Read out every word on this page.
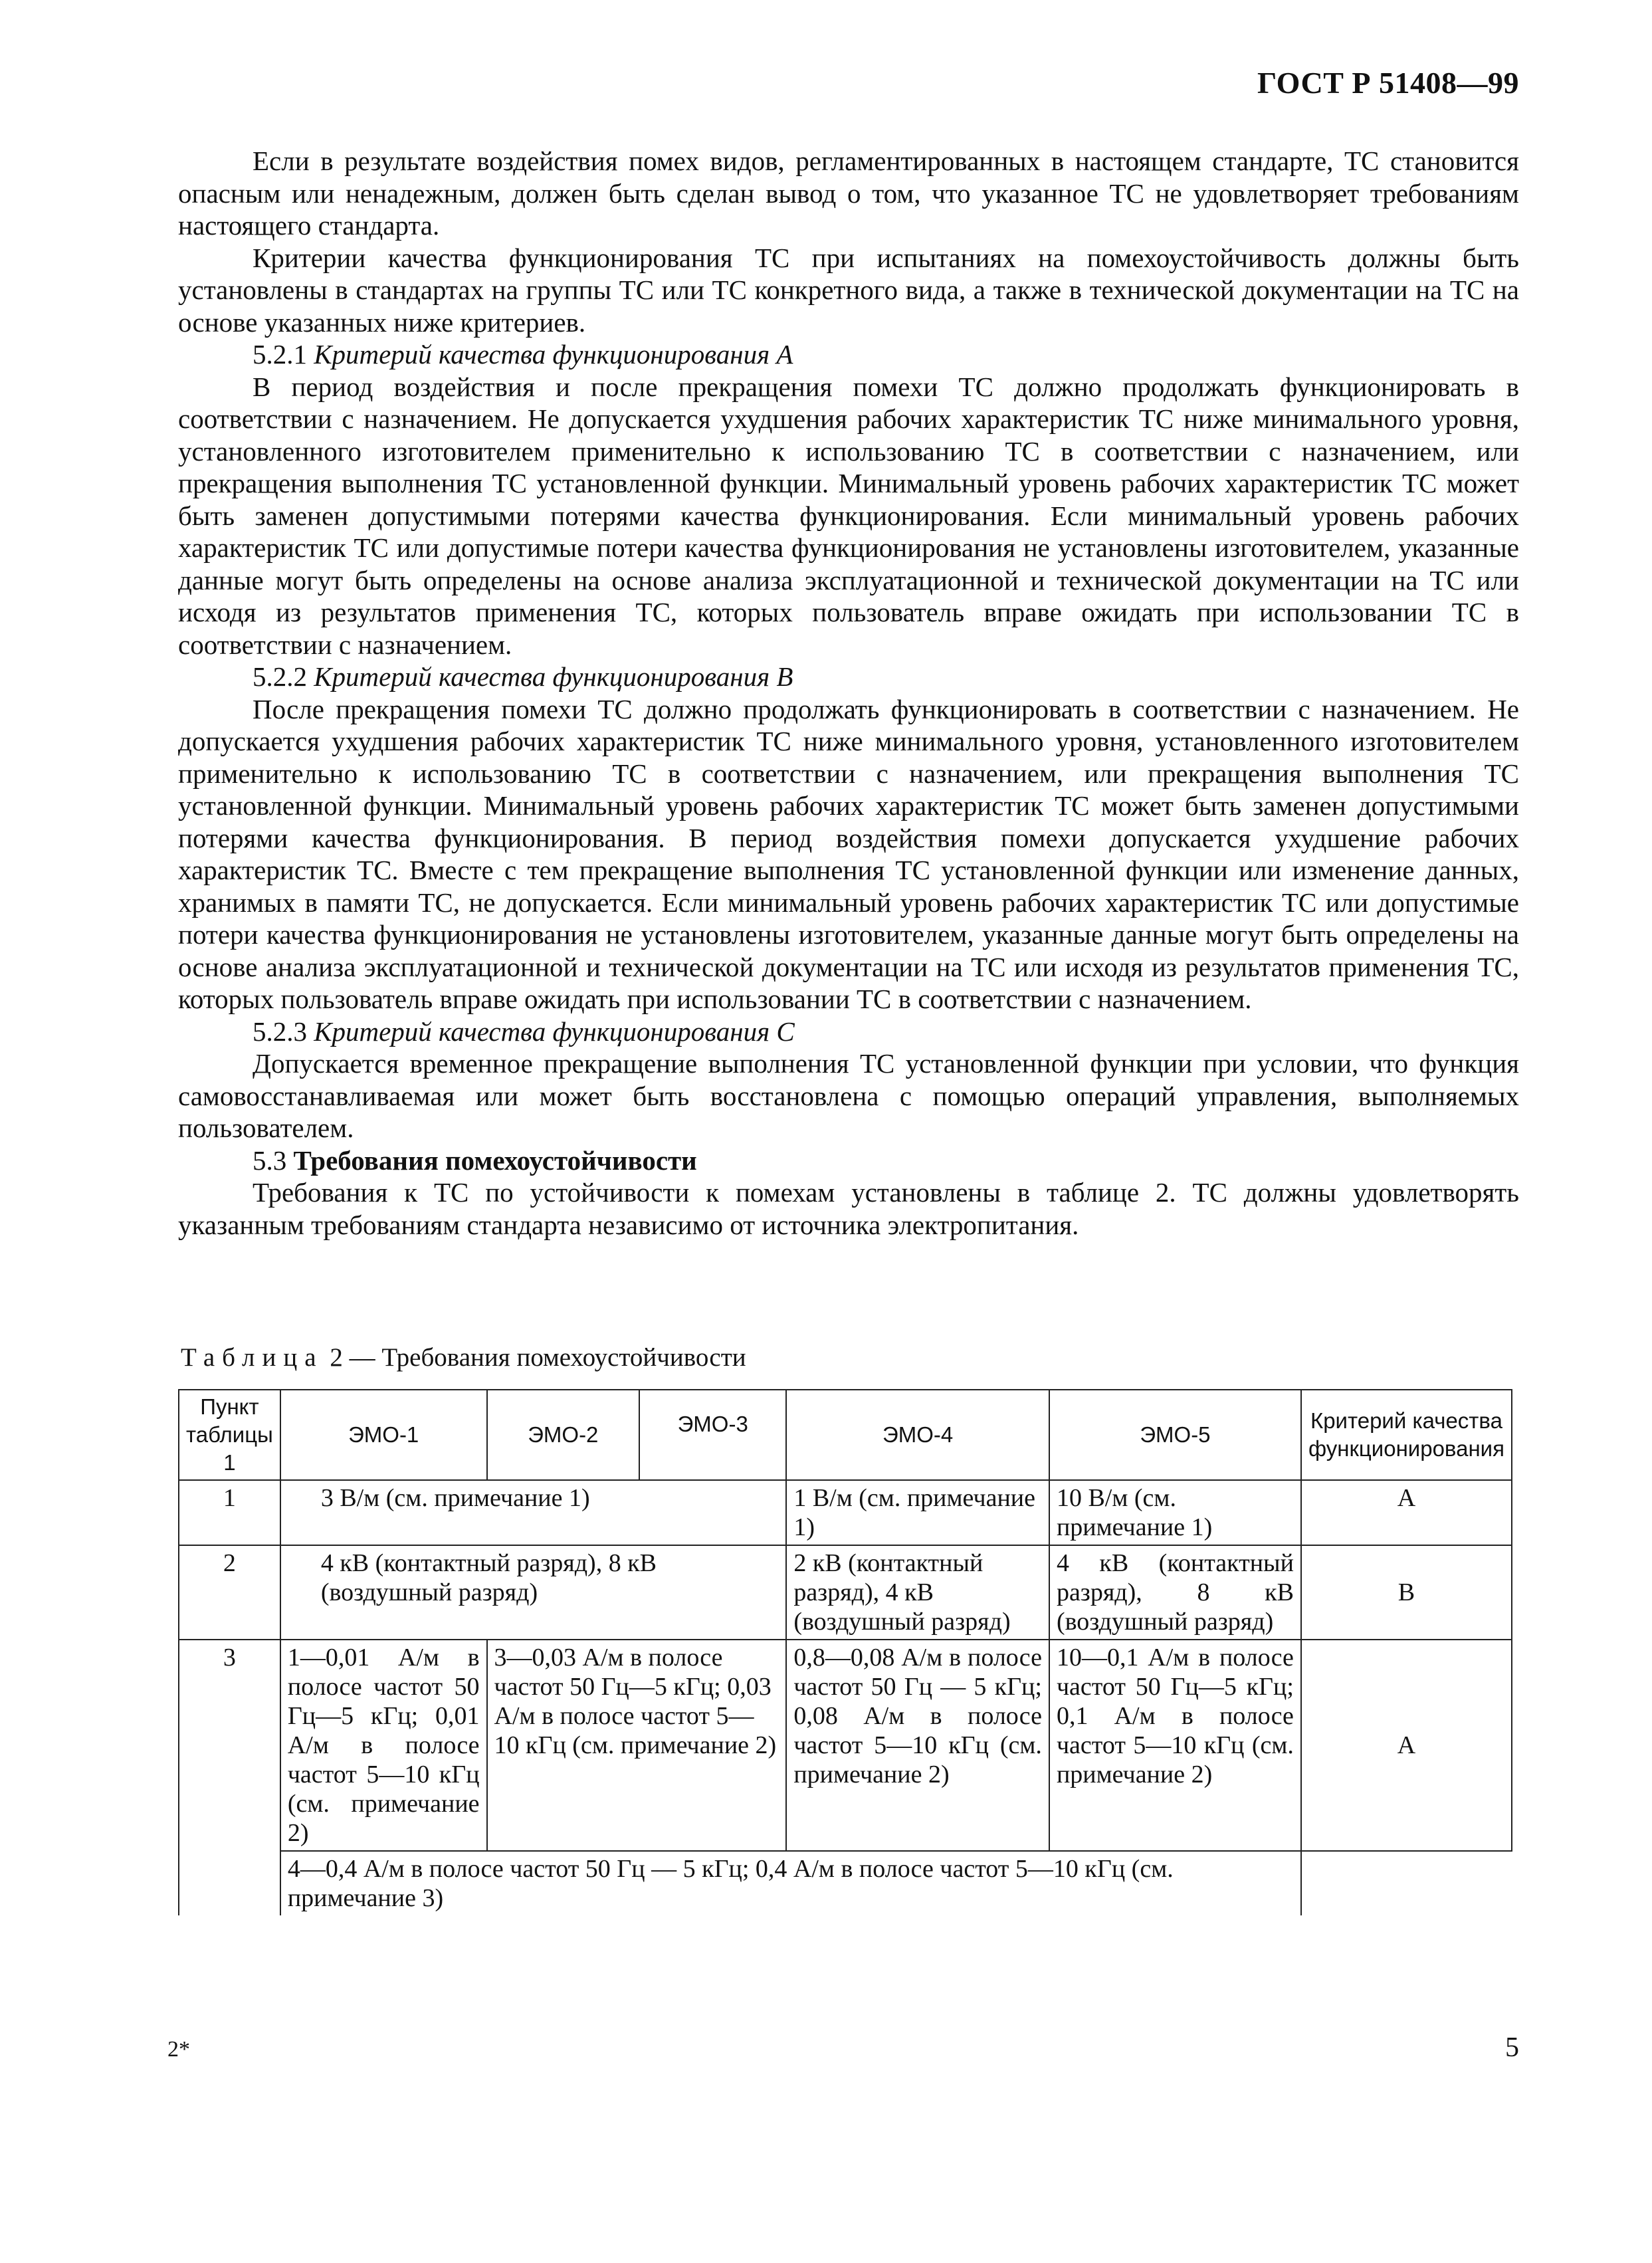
ГОСТ Р 51408—99

Если в результате воздействия помех видов, регламентированных в настоящем стандарте, ТС становится опасным или ненадежным, должен быть сделан вывод о том, что указанное ТС не удовлетворяет требованиям настоящего стандарта.

Критерии качества функционирования ТС при испытаниях на помехоустойчивость должны быть установлены в стандартах на группы ТС или ТС конкретного вида, а также в технической документации на ТС на основе указанных ниже критериев.

5.2.1 Критерий качества функционирования А

В период воздействия и после прекращения помехи ТС должно продолжать функционировать в соответствии с назначением. Не допускается ухудшения рабочих характеристик ТС ниже минимального уровня, установленного изготовителем применительно к использованию ТС в соответствии с назначением, или прекращения выполнения ТС установленной функции. Минимальный уровень рабочих характеристик ТС может быть заменен допустимыми потерями качества функционирования. Если минимальный уровень рабочих характеристик ТС или допустимые потери качества функционирования не установлены изготовителем, указанные данные могут быть определены на основе анализа эксплуатационной и технической документации на ТС или исходя из результатов применения ТС, которых пользователь вправе ожидать при использовании ТС в соответствии с назначением.

5.2.2 Критерий качества функционирования В

После прекращения помехи ТС должно продолжать функционировать в соответствии с назначением. Не допускается ухудшения рабочих характеристик ТС ниже минимального уровня, установленного изготовителем применительно к использованию ТС в соответствии с назначением, или прекращения выполнения ТС установленной функции. Минимальный уровень рабочих характеристик ТС может быть заменен допустимыми потерями качества функционирования. В период воздействия помехи допускается ухудшение рабочих характеристик ТС. Вместе с тем прекращение выполнения ТС установленной функции или изменение данных, хранимых в памяти ТС, не допускается. Если минимальный уровень рабочих характеристик ТС или допустимые потери качества функционирования не установлены изготовителем, указанные данные могут быть определены на основе анализа эксплуатационной и технической документации на ТС или исходя из результатов применения ТС, которых пользователь вправе ожидать при использовании ТС в соответствии с назначением.

5.2.3 Критерий качества функционирования С

Допускается временное прекращение выполнения ТС установленной функции при условии, что функция самовосстанавливаемая или может быть восстановлена с помощью операций управления, выполняемых пользователем.

5.3 Требования помехоустойчивости

Требования к ТС по устойчивости к помехам установлены в таблице 2. ТС должны удовлетворять указанным требованиям стандарта независимо от источника электропитания.

Таблица 2 — Требования помехоустойчивости
Пункт таблицы 1	ЭМО-1	ЭМО-2	ЭМО-3	ЭМО-4	ЭМО-5	Критерий качества функционирования
1	3 В/м (см. примечание 1)			1 В/м (см. примечание 1)	10 В/м (см. примечание 1)	А
2	4 кВ (контактный разряд), 8 кВ (воздушный разряд)			2 кВ (контактный разряд), 4 кВ (воздушный разряд)	4 кВ (контактный разряд), 8 кВ (воздушный разряд)	В
3	1—0,01 А/м в полосе частот 50 Гц—5 кГц; 0,01 А/м в полосе частот 5—10 кГц (см. примечание 2)	3—0,03 А/м в полосе частот 50 Гц—5 кГц; 0,03 А/м в полосе частот 5—10 кГц (см. примечание 2)		0,8—0,08 А/м в полосе частот 50 Гц — 5 кГц; 0,08 А/м в полосе частот 5—10 кГц (см. примечание 2)	10—0,1 А/м в полосе частот 50 Гц—5 кГц; 0,1 А/м в полосе частот 5—10 кГц (см. примечание 2)	А
	4—0,4 А/м в полосе частот 50 Гц — 5 кГц; 0,4 А/м в полосе частот 5—10 кГц (см. примечание 3)					
2*	5
